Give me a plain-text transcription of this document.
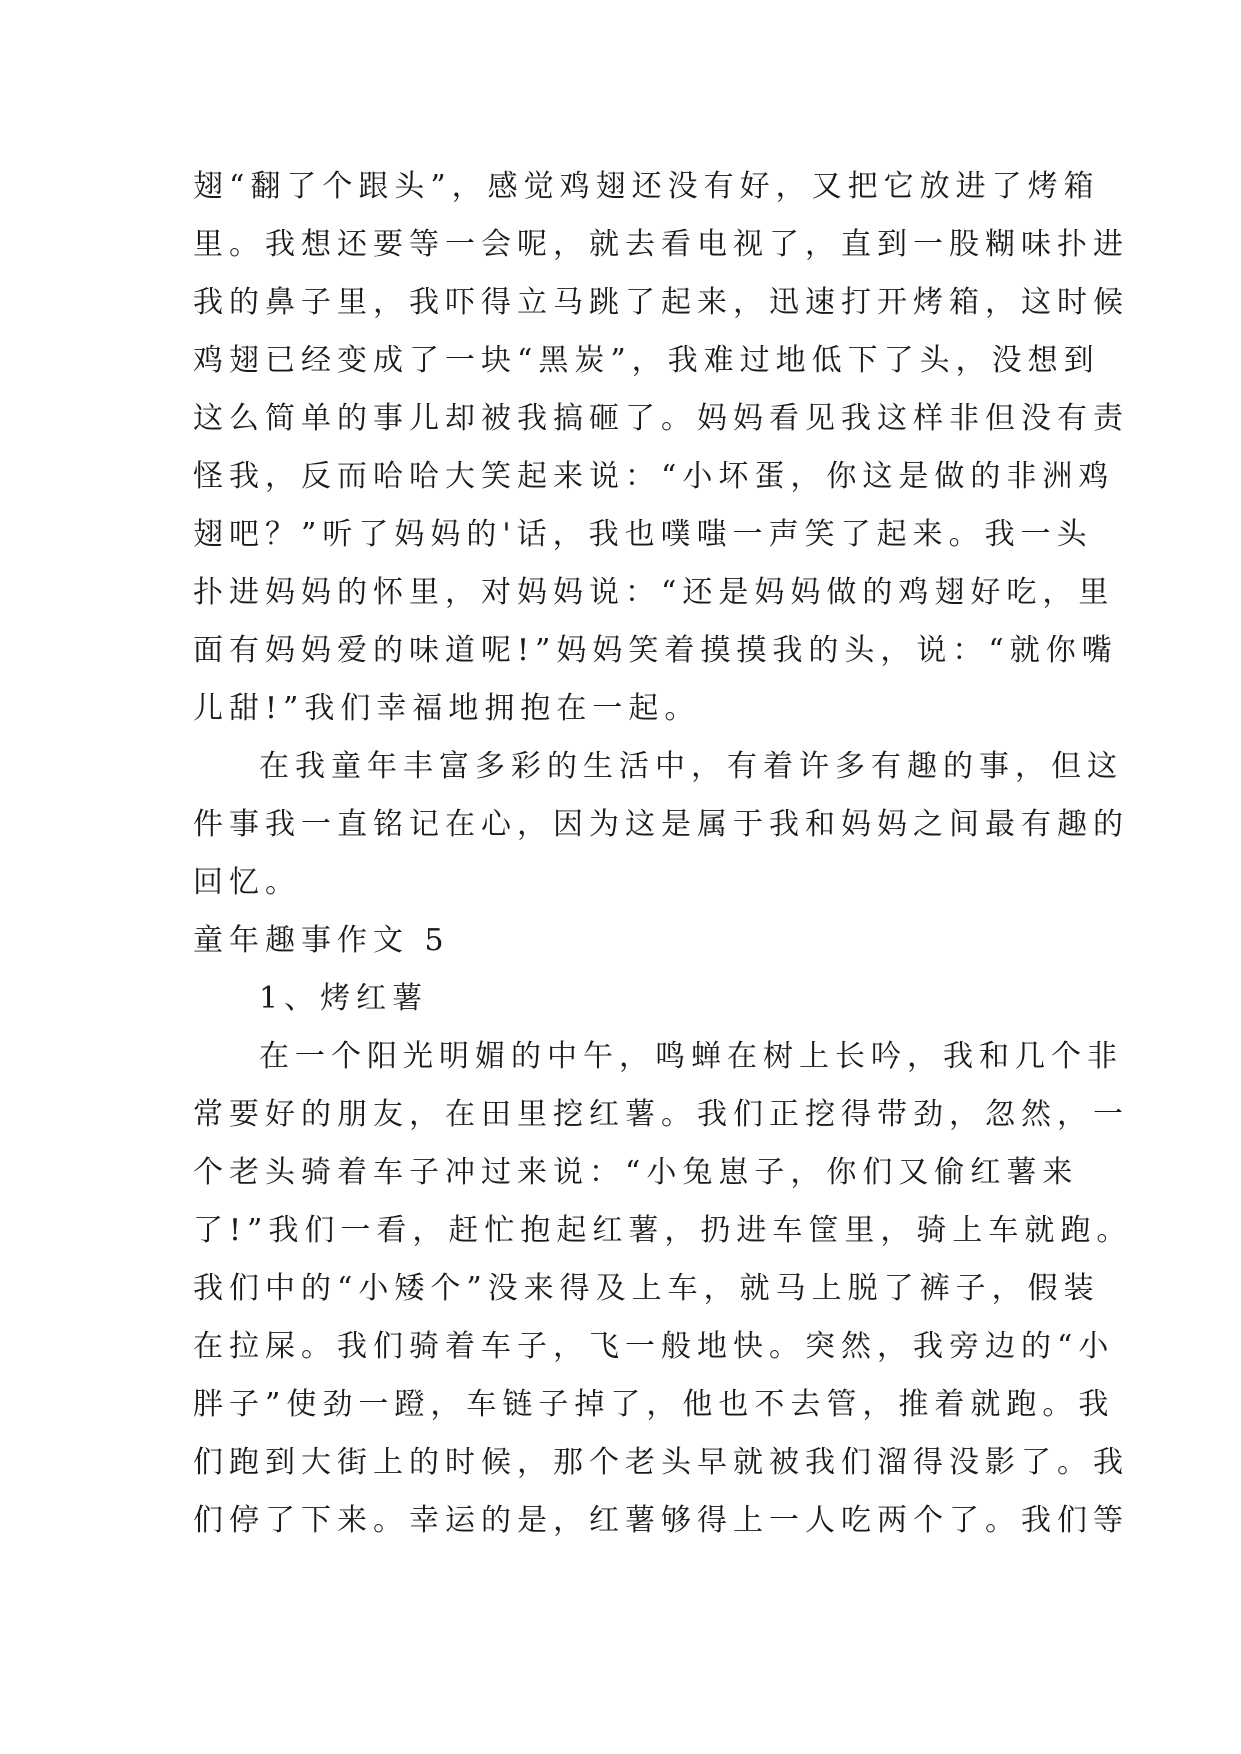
翅“翻了个跟头”，感觉鸡翅还没有好，又把它放进了烤箱
里。我想还要等一会呢，就去看电视了，直到一股糊味扑进
我的鼻子里，我吓得立马跳了起来，迅速打开烤箱，这时候
鸡翅已经变成了一块“黑炭”，我难过地低下了头，没想到
这么简单的事儿却被我搞砸了。妈妈看见我这样非但没有责
怪我，反而哈哈大笑起来说：“小坏蛋，你这是做的非洲鸡
翅吧？”听了妈妈的'话，我也噗嗤一声笑了起来。我一头
扑进妈妈的怀里，对妈妈说：“还是妈妈做的鸡翅好吃，里
面有妈妈爱的味道呢!”妈妈笑着摸摸我的头，说：“就你嘴
儿甜!”我们幸福地拥抱在一起。
在我童年丰富多彩的生活中，有着许多有趣的事，但这
件事我一直铭记在心，因为这是属于我和妈妈之间最有趣的
回忆。
童年趣事作文 5
1、烤红薯
在一个阳光明媚的中午，鸣蝉在树上长吟，我和几个非
常要好的朋友，在田里挖红薯。我们正挖得带劲，忽然，一
个老头骑着车子冲过来说：“小兔崽子，你们又偷红薯来
了!”我们一看，赶忙抱起红薯，扔进车筐里，骑上车就跑。
我们中的“小矮个”没来得及上车，就马上脱了裤子，假装
在拉屎。我们骑着车子，飞一般地快。突然，我旁边的“小
胖子”使劲一蹬，车链子掉了，他也不去管，推着就跑。我
们跑到大街上的时候，那个老头早就被我们溜得没影了。我
们停了下来。幸运的是，红薯够得上一人吃两个了。我们等
